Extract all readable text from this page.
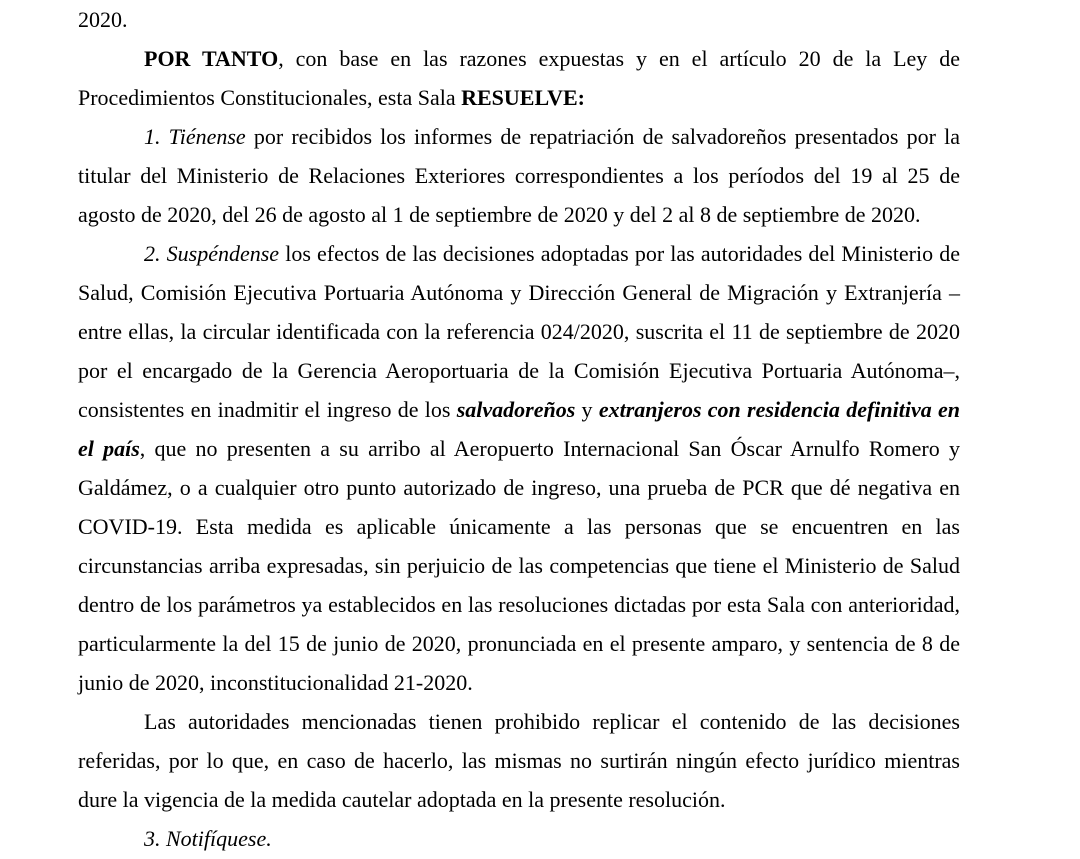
2020.

POR TANTO, con base en las razones expuestas y en el artículo 20 de la Ley de Procedimientos Constitucionales, esta Sala RESUELVE:

1. Tiénense por recibidos los informes de repatriación de salvadoreños presentados por la titular del Ministerio de Relaciones Exteriores correspondientes a los períodos del 19 al 25 de agosto de 2020, del 26 de agosto al 1 de septiembre de 2020 y del 2 al 8 de septiembre de 2020.

2. Suspéndense los efectos de las decisiones adoptadas por las autoridades del Ministerio de Salud, Comisión Ejecutiva Portuaria Autónoma y Dirección General de Migración y Extranjería –entre ellas, la circular identificada con la referencia 024/2020, suscrita el 11 de septiembre de 2020 por el encargado de la Gerencia Aeroportuaria de la Comisión Ejecutiva Portuaria Autónoma–, consistentes en inadmitir el ingreso de los salvadoreños y extranjeros con residencia definitiva en el país, que no presenten a su arribo al Aeropuerto Internacional San Óscar Arnulfo Romero y Galdámez, o a cualquier otro punto autorizado de ingreso, una prueba de PCR que dé negativa en COVID-19. Esta medida es aplicable únicamente a las personas que se encuentren en las circunstancias arriba expresadas, sin perjuicio de las competencias que tiene el Ministerio de Salud dentro de los parámetros ya establecidos en las resoluciones dictadas por esta Sala con anterioridad, particularmente la del 15 de junio de 2020, pronunciada en el presente amparo, y sentencia de 8 de junio de 2020, inconstitucionalidad 21-2020.

Las autoridades mencionadas tienen prohibido replicar el contenido de las decisiones referidas, por lo que, en caso de hacerlo, las mismas no surtirán ningún efecto jurídico mientras dure la vigencia de la medida cautelar adoptada en la presente resolución.

3. Notifíquese.
